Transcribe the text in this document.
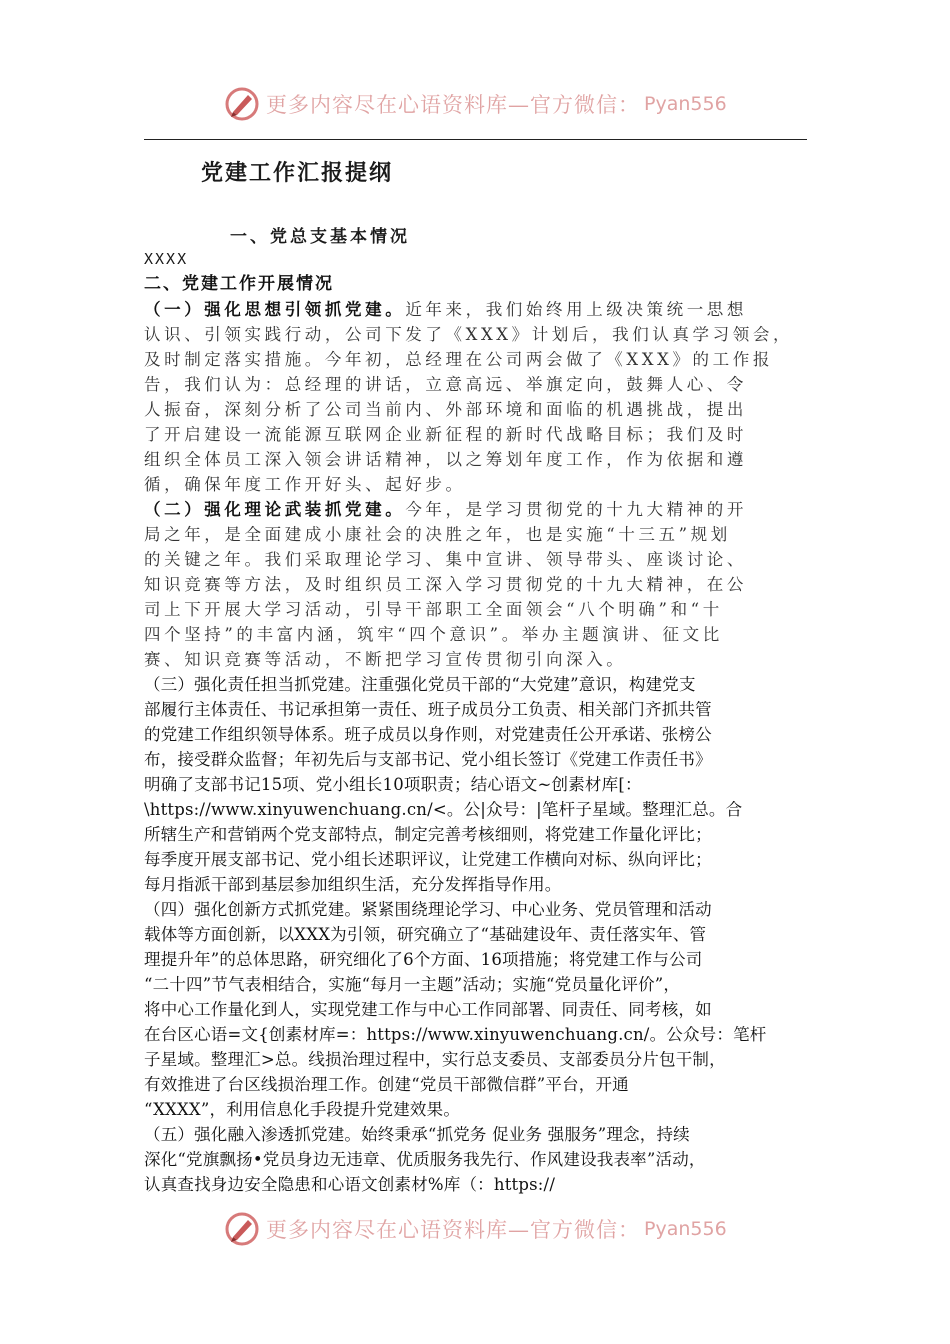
更多内容尽在心语资料库—官方微信： Pyan556
党建工作汇报提纲
一、党总支基本情况
XXXX
二、党建工作开展情况
（一）强化思想引领抓党建。近年来，我们始终用上级决策统一思想
认识、引领实践行动，公司下发了《XXX》计划后，我们认真学习领会，
及时制定落实措施。今年初，总经理在公司两会做了《XXX》的工作报
告，我们认为：总经理的讲话，立意高远、举旗定向，鼓舞人心、令
人振奋，深刻分析了公司当前内、外部环境和面临的机遇挑战，提出
了开启建设一流能源互联网企业新征程的新时代战略目标；我们及时
组织全体员工深入领会讲话精神，以之筹划年度工作，作为依据和遵
循，确保年度工作开好头、起好步。
（二）强化理论武装抓党建。今年，是学习贯彻党的十九大精神的开
局之年，是全面建成小康社会的决胜之年，也是实施“十三五”规划
的关键之年。我们采取理论学习、集中宣讲、领导带头、座谈讨论、
知识竞赛等方法，及时组织员工深入学习贯彻党的十九大精神，在公
司上下开展大学习活动，引导干部职工全面领会“八个明确”和“十
四个坚持”的丰富内涵，筑牢“四个意识”。举办主题演讲、征文比
赛、知识竞赛等活动，不断把学习宣传贯彻引向深入。
（三）强化责任担当抓党建。注重强化党员干部的“大党建”意识，构建党支
部履行主体责任、书记承担第一责任、班子成员分工负责、相关部门齐抓共管
的党建工作组织领导体系。班子成员以身作则，对党建责任公开承诺、张榜公
布，接受群众监督；年初先后与支部书记、党小组长签订《党建工作责任书》
明确了支部书记15项、党小组长10项职责；结心语文~创素材库[：
\https://www.xinyuwenchuang.cn/<。公|众号：|笔杆子星域。整理汇总。合
所辖生产和营销两个党支部特点，制定完善考核细则，将党建工作量化评比；
每季度开展支部书记、党小组长述职评议，让党建工作横向对标、纵向评比；
每月指派干部到基层参加组织生活，充分发挥指导作用。
（四）强化创新方式抓党建。紧紧围绕理论学习、中心业务、党员管理和活动
载体等方面创新，以XXX为引领，研究确立了“基础建设年、责任落实年、管
理提升年”的总体思路，研究细化了6个方面、16项措施；将党建工作与公司
“二十四”节气表相结合，实施“每月一主题”活动；实施“党员量化评价”，
将中心工作量化到人，实现党建工作与中心工作同部署、同责任、同考核，如
在台区心语=文{创素材库=：https://www.xinyuwenchuang.cn/。公众号：笔杆
子星域。整理汇>总。线损治理过程中，实行总支委员、支部委员分片包干制，
有效推进了台区线损治理工作。创建“党员干部微信群”平台，开通
“XXXX”，利用信息化手段提升党建效果。
（五）强化融入渗透抓党建。始终秉承“抓党务 促业务 强服务”理念，持续
深化“党旗飘扬•党员身边无违章、优质服务我先行、作风建设我表率”活动，
认真查找身边安全隐患和心语文创素材%库（：https://
更多内容尽在心语资料库—官方微信： Pyan556
